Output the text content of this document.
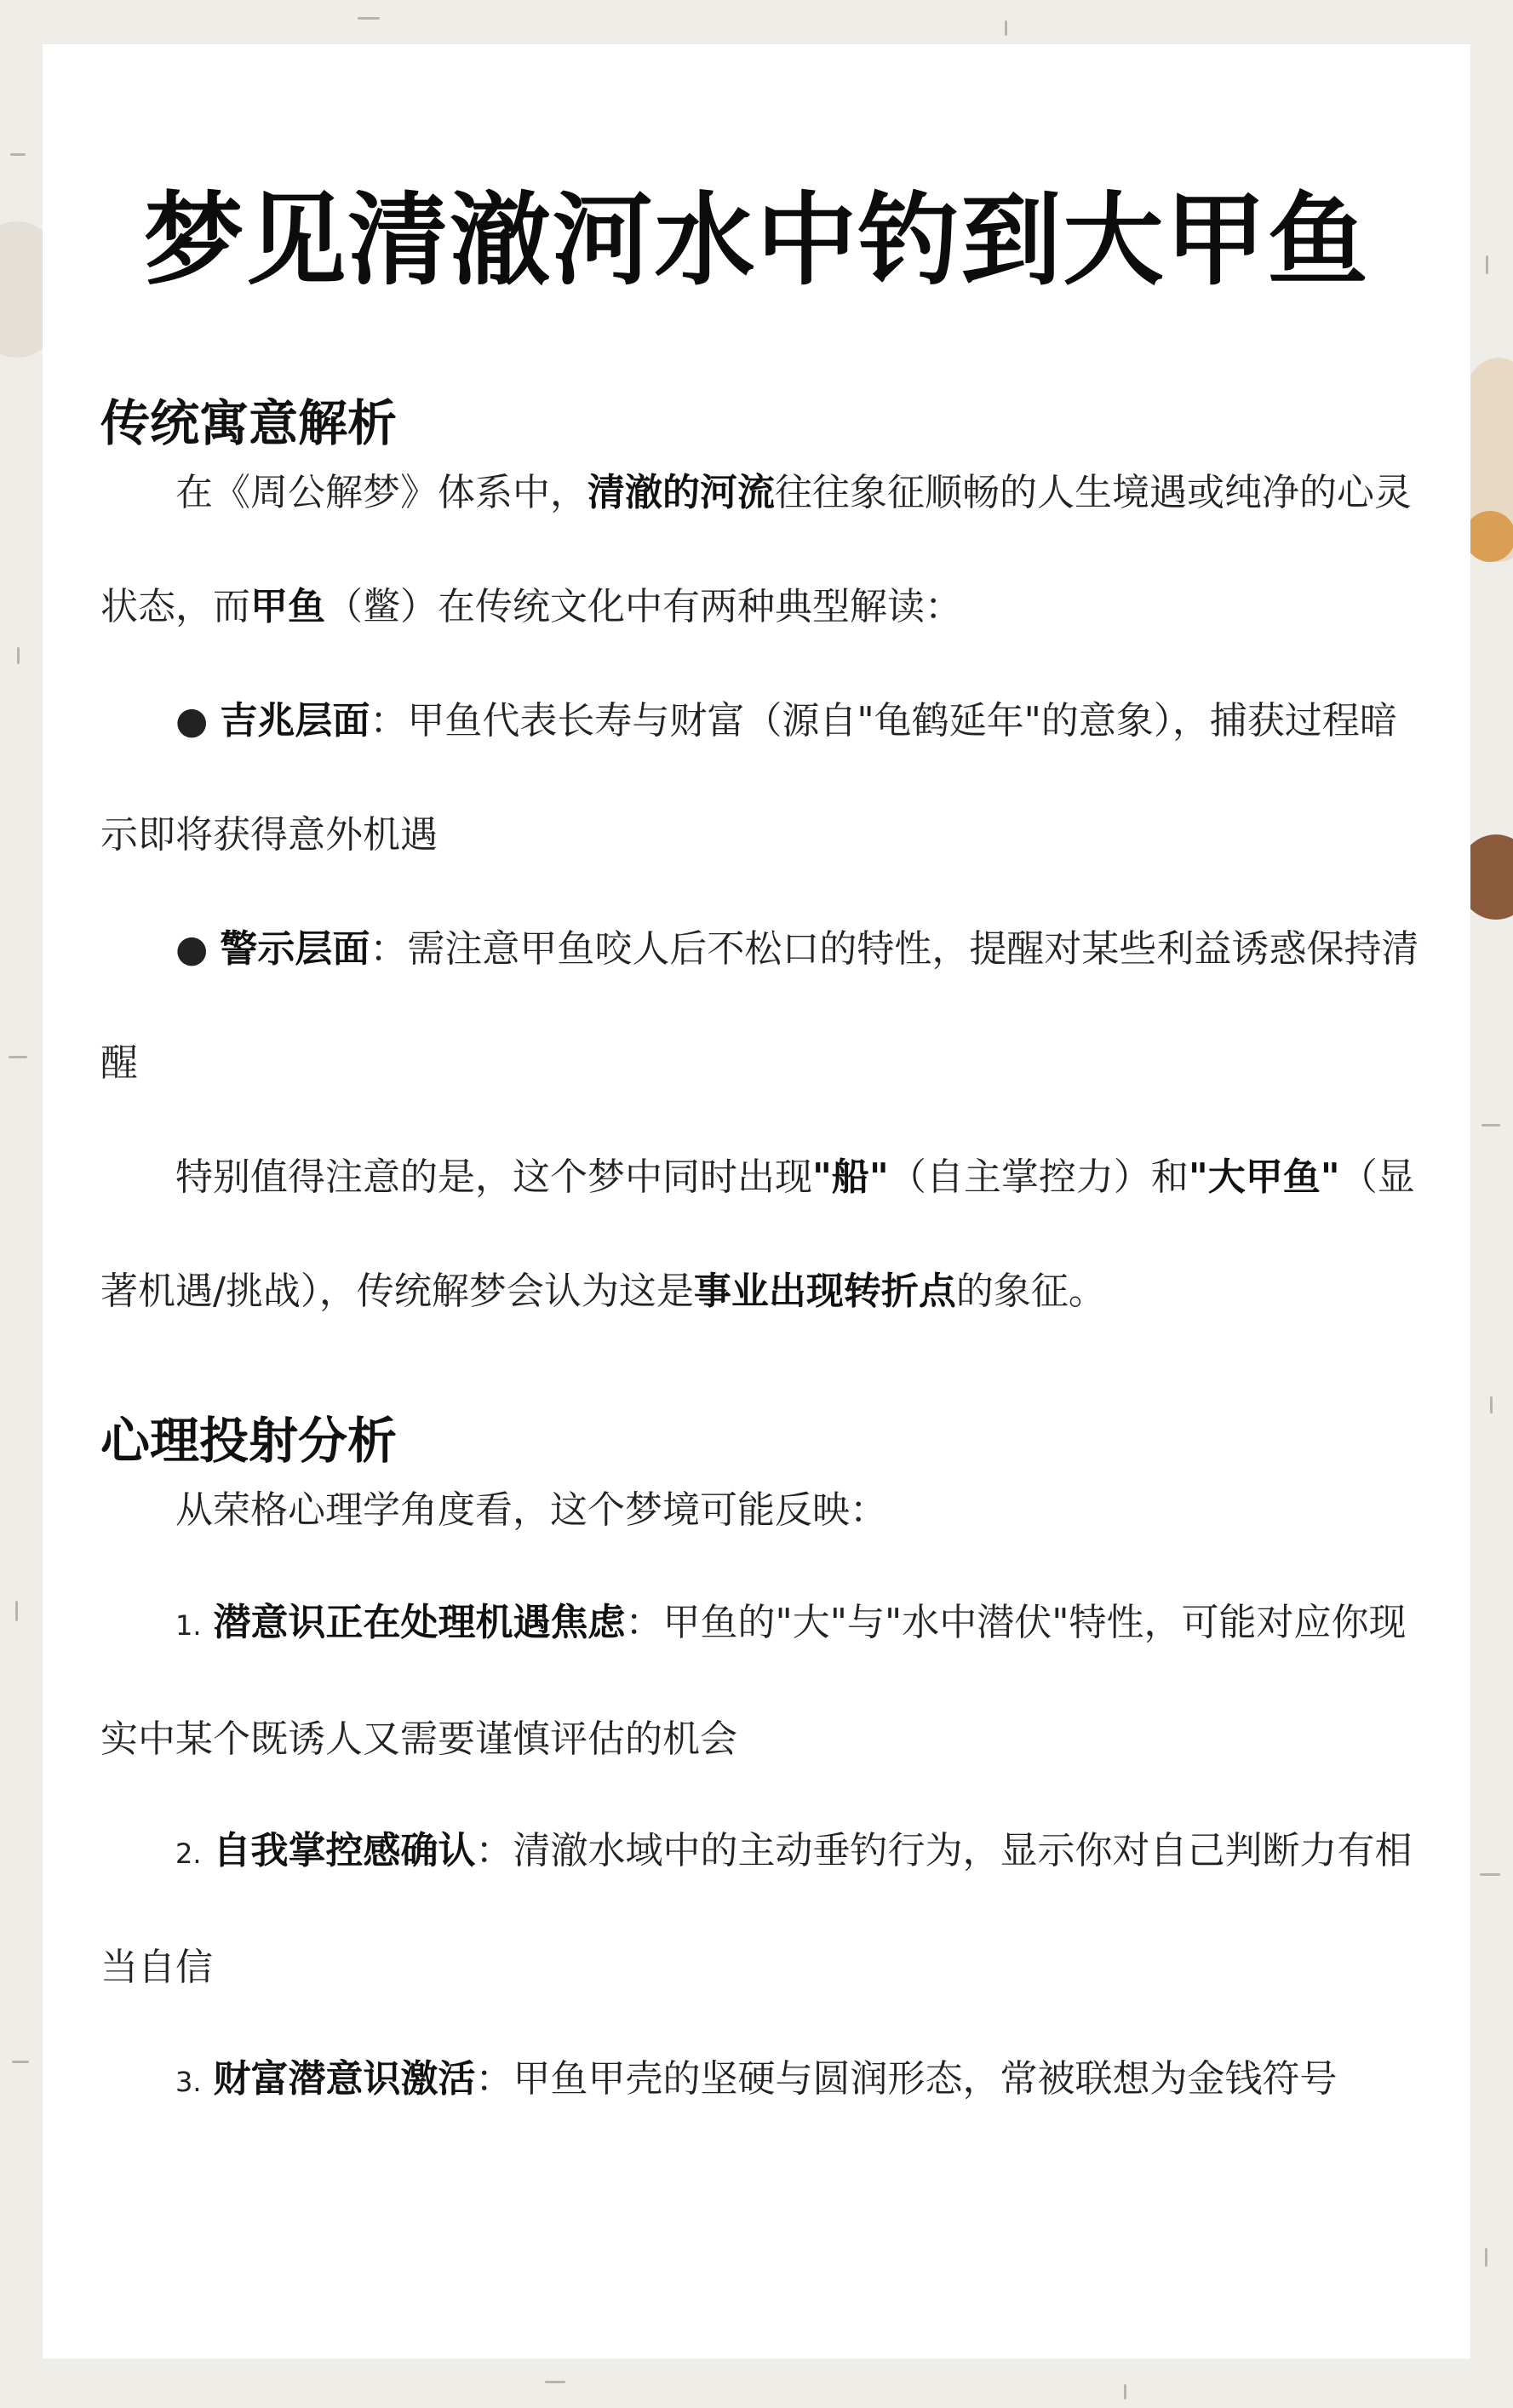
梦见清澈河水中钓到大甲鱼
传统寓意解析
在《周公解梦》体系中，清澈的河流往往象征顺畅的人生境遇或纯净的心灵状态，而甲鱼（鳖）在传统文化中有两种典型解读：
● 吉兆层面：甲鱼代表长寿与财富（源自"龟鹤延年"的意象），捕获过程暗示即将获得意外机遇
● 警示层面：需注意甲鱼咬人后不松口的特性，提醒对某些利益诱惑保持清醒
特别值得注意的是，这个梦中同时出现"船"（自主掌控力）和"大甲鱼"（显著机遇/挑战），传统解梦会认为这是事业出现转折点的象征。
心理投射分析
从荣格心理学角度看，这个梦境可能反映：
1. 潜意识正在处理机遇焦虑：甲鱼的"大"与"水中潜伏"特性，可能对应你现实中某个既诱人又需要谨慎评估的机会
2. 自我掌控感确认：清澈水域中的主动垂钓行为，显示你对自己判断力有相当自信
3. 财富潜意识激活：甲鱼甲壳的坚硬与圆润形态，常被联想为金钱符号
